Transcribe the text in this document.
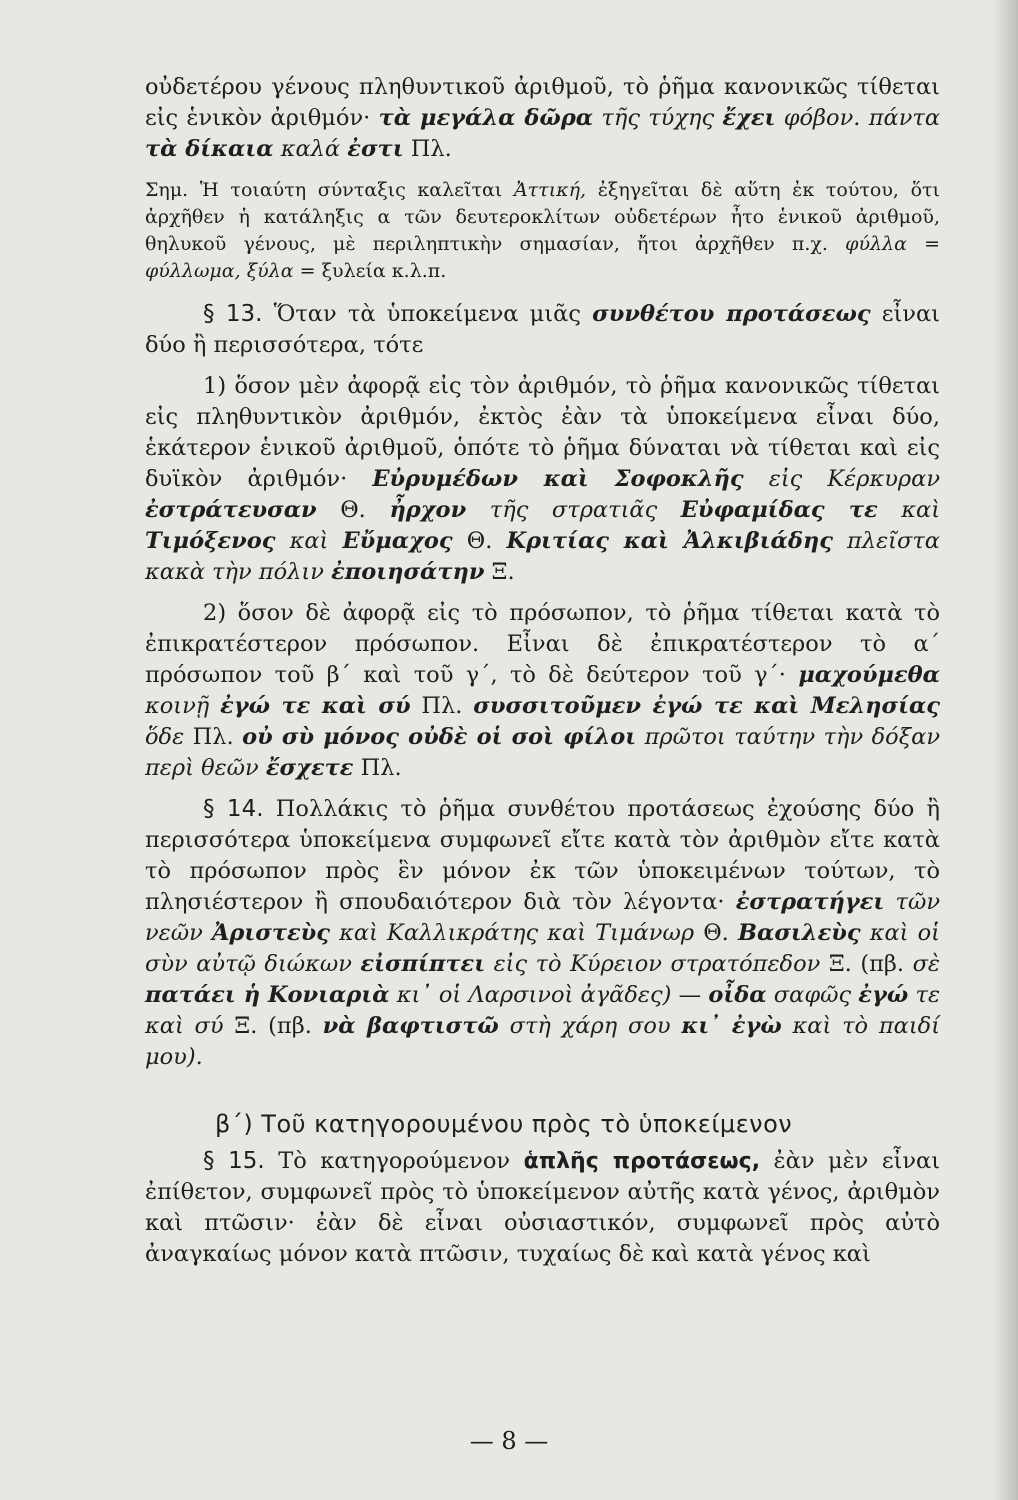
οὐδετέρου γένους πληθυντικοῦ ἀριθμοῦ, τὸ ῥῆμα κανονικῶς τίθεται εἰς ἑνικὸν ἀριθμόν· τὰ μεγάλα δῶρα τῆς τύχης ἔχει φόβον. πάντα τὰ δίκαια καλά ἐστι Πλ.

Σημ. Ἡ τοιαύτη σύνταξις καλεῖται Ἀττική, ἐξηγεῖται δὲ αὕτη ἐκ τούτου, ὅτι ἀρχῆθεν ἡ κατάληξις α τῶν δευτεροκλίτων οὐδετέρων ἦτο ἑνικοῦ ἀριθμοῦ, θηλυκοῦ γένους, μὲ περιληπτικὴν σημασίαν, ἤτοι ἀρχῆθεν π.χ. φύλλα = φύλλωμα, ξύλα = ξυλεία κ.λ.π.

§ 13. Ὅταν τὰ ὑποκείμενα μιᾶς συνθέτου προτάσεως εἶναι δύο ἢ περισσότερα, τότε

1) ὅσον μὲν ἀφορᾷ εἰς τὸν ἀριθμόν, τὸ ῥῆμα κανονικῶς τίθεται εἰς πληθυντικὸν ἀριθμόν, ἐκτὸς ἐὰν τὰ ὑποκείμενα εἶναι δύο, ἑκάτερον ἑνικοῦ ἀριθμοῦ, ὁπότε τὸ ῥῆμα δύναται νὰ τίθεται καὶ εἰς δυϊκὸν ἀριθμόν· Εὐρυμέδων καὶ Σοφοκλῆς εἰς Κέρκυραν ἐστράτευσαν Θ. ἦρχον τῆς στρατιᾶς Εὐφαμίδας τε καὶ Τιμόξενος καὶ Εὔμαχος Θ. Κριτίας καὶ Ἀλκιβιάδης πλεῖστα κακὰ τὴν πόλιν ἐποιησάτην Ξ.

2) ὅσον δὲ ἀφορᾷ εἰς τὸ πρόσωπον, τὸ ῥῆμα τίθεται κατὰ τὸ ἐπικρατέστερον πρόσωπον. Εἶναι δὲ ἐπικρατέστερον τὸ α΄ πρόσωπον τοῦ β΄ καὶ τοῦ γ΄, τὸ δὲ δεύτερον τοῦ γ΄· μαχούμεθα κοινῇ ἐγώ τε καὶ σύ Πλ. συσσιτοῦμεν ἐγώ τε καὶ Μελησίας ὅδε Πλ. οὐ σὺ μόνος οὐδὲ οἱ σοὶ φίλοι πρῶτοι ταύτην τὴν δόξαν περὶ θεῶν ἔσχετε Πλ.

§ 14. Πολλάκις τὸ ῥῆμα συνθέτου προτάσεως ἐχούσης δύο ἢ περισσότερα ὑποκείμενα συμφωνεῖ εἴτε κατὰ τὸν ἀριθμὸν εἴτε κατὰ τὸ πρόσωπον πρὸς ἓν μόνον ἐκ τῶν ὑποκειμένων τούτων, τὸ πλησιέστερον ἢ σπουδαιότερον διὰ τὸν λέγοντα· ἐστρατήγει τῶν νεῶν Ἀριστεὺς καὶ Καλλικράτης καὶ Τιμάνωρ Θ. Βασιλεὺς καὶ οἱ σὺν αὐτῷ διώκων εἰσπίπτει εἰς τὸ Κύρειον στρατόπεδον Ξ. (πβ. σὲ πατάει ἡ Κονιαριὰ κι᾿ οἱ Λαρσινοὶ ἀγᾶδες) — οἶδα σαφῶς ἐγώ τε καὶ σύ Ξ. (πβ. νὰ βαφτιστῶ στὴ χάρη σου κι᾿ ἐγὼ καὶ τὸ παιδί μου).

β΄) Τοῦ κατηγορουμένου πρὸς τὸ ὑποκείμενον

§ 15. Τὸ κατηγορούμενον ἁπλῆς προτάσεως, ἐὰν μὲν εἶναι ἐπίθετον, συμφωνεῖ πρὸς τὸ ὑποκείμενον αὐτῆς κατὰ γένος, ἀριθμὸν καὶ πτῶσιν· ἐὰν δὲ εἶναι οὐσιαστικόν, συμφωνεῖ πρὸς αὐτὸ ἀναγκαίως μόνον κατὰ πτῶσιν, τυχαίως δὲ καὶ κατὰ γένος καὶ

— 8 —
